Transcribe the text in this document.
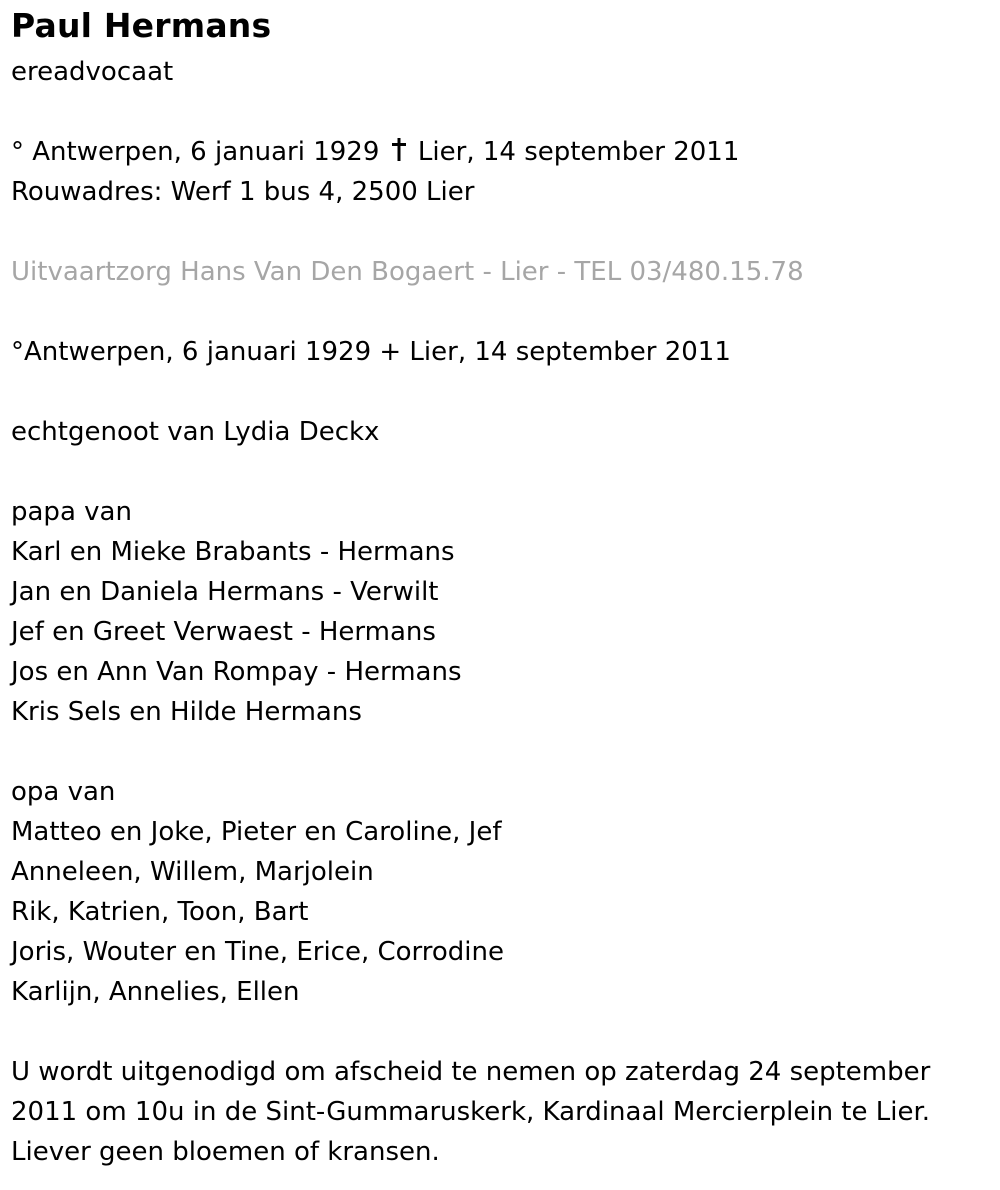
Paul Hermans

ereadvocaat

° Antwerpen, 6 januari 1929 Lier, 14 september 2011

Rouwadres: Werf 1 bus 4, 2500 Lier

Uitvaartzorg Hans Van Den Bogaert - Lier - TEL 03/480.15.78

°Antwerpen, 6 januari 1929 + Lier, 14 september 2011

echtgenoot van Lydia Deckx

papa van

Karl en Mieke Brabants - Hermans

Jan en Daniela Hermans - Verwilt

Jef en Greet Verwaest - Hermans

Jos en Ann Van Rompay - Hermans

Kris Sels en Hilde Hermans

opa van

Matteo en Joke, Pieter en Caroline, Jef

Anneleen, Willem, Marjolein

Rik, Katrien, Toon, Bart

Joris, Wouter en Tine, Erice, Corrodine

Karlijn, Annelies, Ellen

U wordt uitgenodigd om afscheid te nemen op zaterdag 24 september 2011 om 10u in de Sint-Gummaruskerk, Kardinaal Mercierplein te Lier.

Liever geen bloemen of kransen.
